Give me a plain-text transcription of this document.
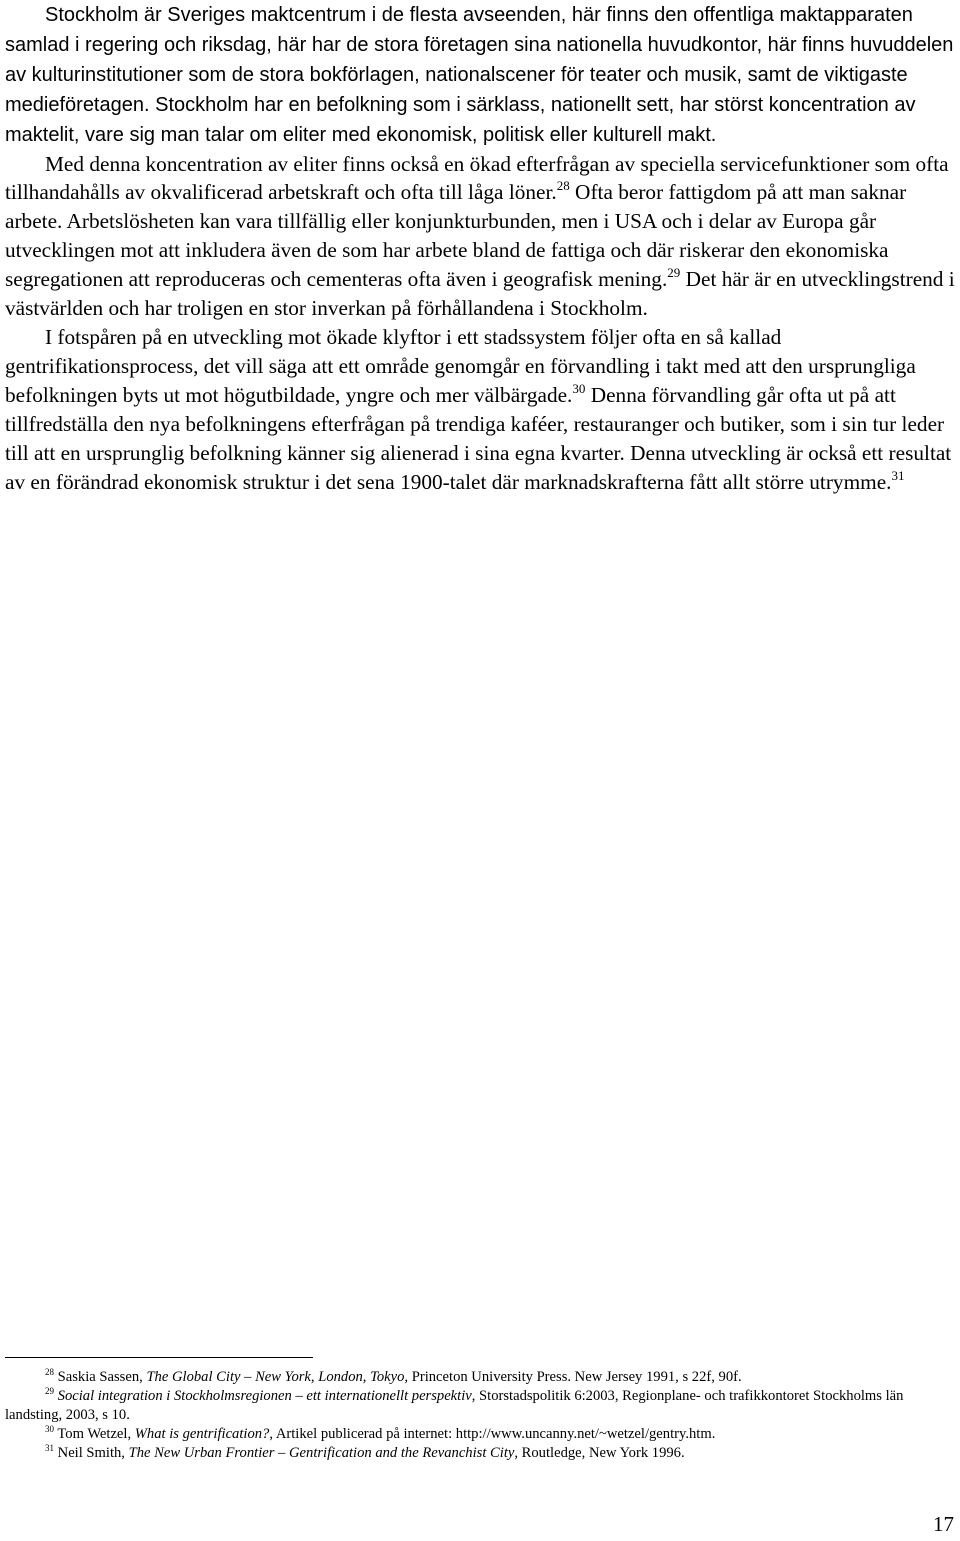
Stockholm är Sveriges maktcentrum i de flesta avseenden, här finns den offentliga maktapparaten samlad i regering och riksdag, här har de stora företagen sina nationella huvudkontor, här finns huvuddelen av kulturinstitutioner som de stora bokförlagen, nationalscener för teater och musik, samt de viktigaste medieföretagen. Stockholm har en befolkning som i särklass, nationellt sett, har störst koncentration av maktelit, vare sig man talar om eliter med ekonomisk, politisk eller kulturell makt.

Med denna koncentration av eliter finns också en ökad efterfrågan av speciella servicefunktioner som ofta tillhandahålls av okvalificerad arbetskraft och ofta till låga löner.$^{28}$ Ofta beror fattigdom på att man saknar arbete. Arbetslösheten kan vara tillfällig eller konjunkturbunden, men i USA och i delar av Europa går utvecklingen mot att inkludera även de som har arbete bland de fattiga och där riskerar den ekonomiska segregationen att reproduceras och cementeras ofta även i geografisk mening.$^{29}$ Det här är en utvecklingstrend i västvärlden och har troligen en stor inverkan på förhållandena i Stockholm.

I fotspåren på en utveckling mot ökade klyftor i ett stadssystem följer ofta en så kallad gentrifikationsprocess, det vill säga att ett område genomgår en förvandling i takt med att den ursprungliga befolkningen byts ut mot högutbildade, yngre och mer välbärgade.$^{30}$ Denna förvandling går ofta ut på att tillfredställa den nya befolkningens efterfrågan på trendiga kaféer, restauranger och butiker, som i sin tur leder till att en ursprunglig befolkning känner sig alienerad i sina egna kvarter. Denna utveckling är också ett resultat av en förändrad ekonomisk struktur i det sena 1900-talet där marknadskrafterna fått allt större utrymme.$^{31}$

$^{28}$ Saskia Sassen, The Global City – New York, London, Tokyo, Princeton University Press. New Jersey 1991, s 22f, 90f.

$^{29}$ Social integration i Stockholmsregionen – ett internationellt perspektiv, Storstadspolitik 6:2003, Regionplane- och trafikkontoret Stockholms län landsting, 2003, s 10.

$^{30}$ Tom Wetzel, What is gentrification?, Artikel publicerad på internet: http://www.uncanny.net/~wetzel/gentry.htm.

$^{31}$ Neil Smith, The New Urban Frontier – Gentrification and the Revanchist City, Routledge, New York 1996.

17
